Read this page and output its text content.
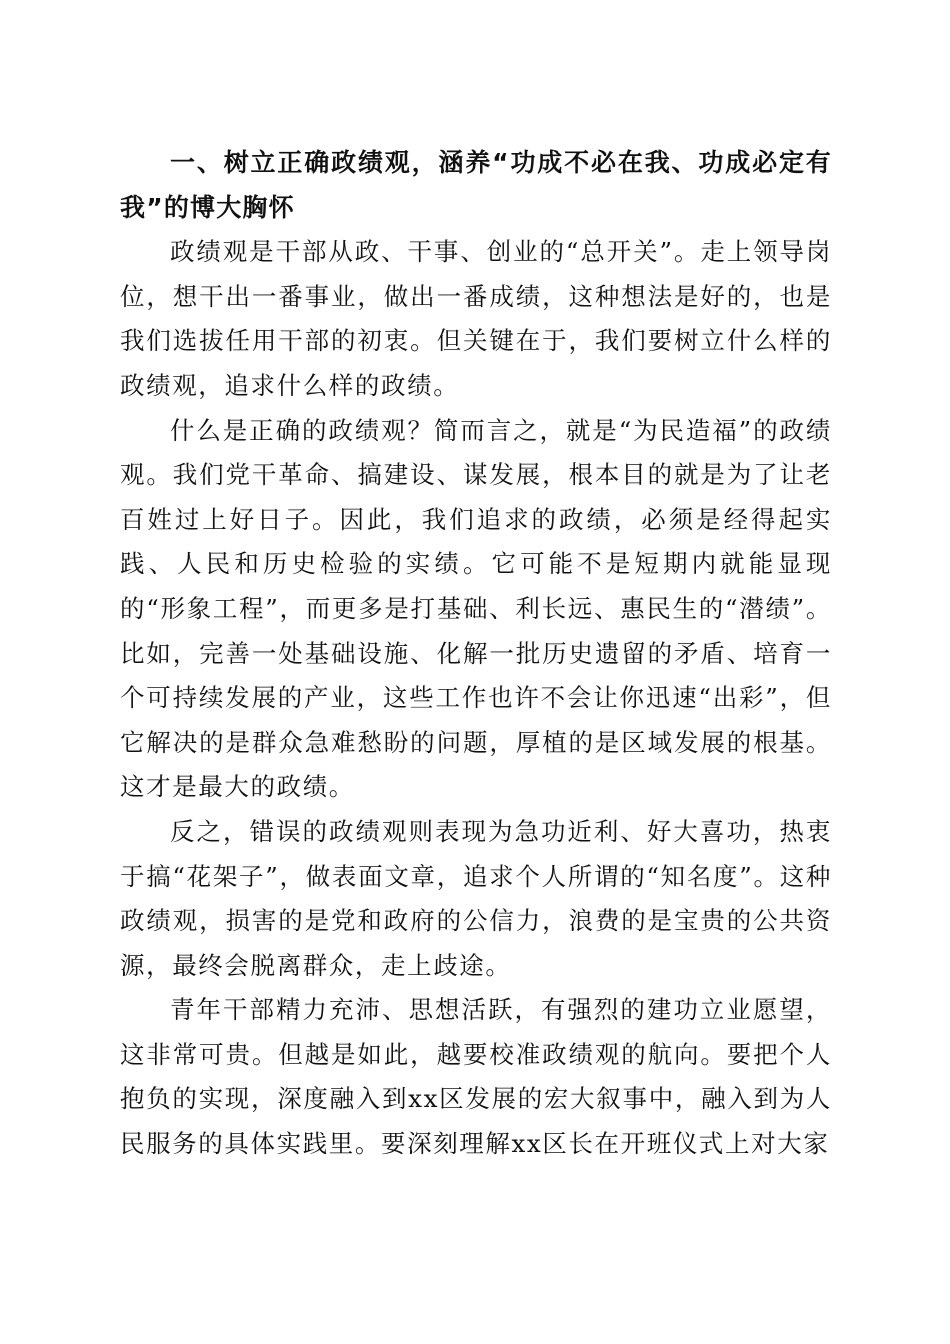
一、树立正确政绩观，涵养“功成不必在我、功成必定有我”的博大胸怀

政绩观是干部从政、干事、创业的“总开关”。走上领导岗位，想干出一番事业，做出一番成绩，这种想法是好的，也是我们选拔任用干部的初衷。但关键在于，我们要树立什么样的政绩观，追求什么样的政绩。

什么是正确的政绩观？简而言之，就是“为民造福”的政绩观。我们党干革命、搞建设、谋发展，根本目的就是为了让老百姓过上好日子。因此，我们追求的政绩，必须是经得起实践、人民和历史检验的实绩。它可能不是短期内就能显现的“形象工程”，而更多是打基础、利长远、惠民生的“潜绩”。比如，完善一处基础设施、化解一批历史遗留的矛盾、培育一个可持续发展的产业，这些工作也许不会让你迅速“出彩”，但它解决的是群众急难愁盼的问题，厚植的是区域发展的根基。这才是最大的政绩。

反之，错误的政绩观则表现为急功近利、好大喜功，热衷于搞“花架子”，做表面文章，追求个人所谓的“知名度”。这种政绩观，损害的是党和政府的公信力，浪费的是宝贵的公共资源，最终会脱离群众，走上歧途。

青年干部精力充沛、思想活跃，有强烈的建功立业愿望，这非常可贵。但越是如此，越要校准政绩观的航向。要把个人抱负的实现，深度融入到xx区发展的宏大叙事中，融入到为人民服务的具体实践里。要深刻理解xx区长在开班仪式上对大家
